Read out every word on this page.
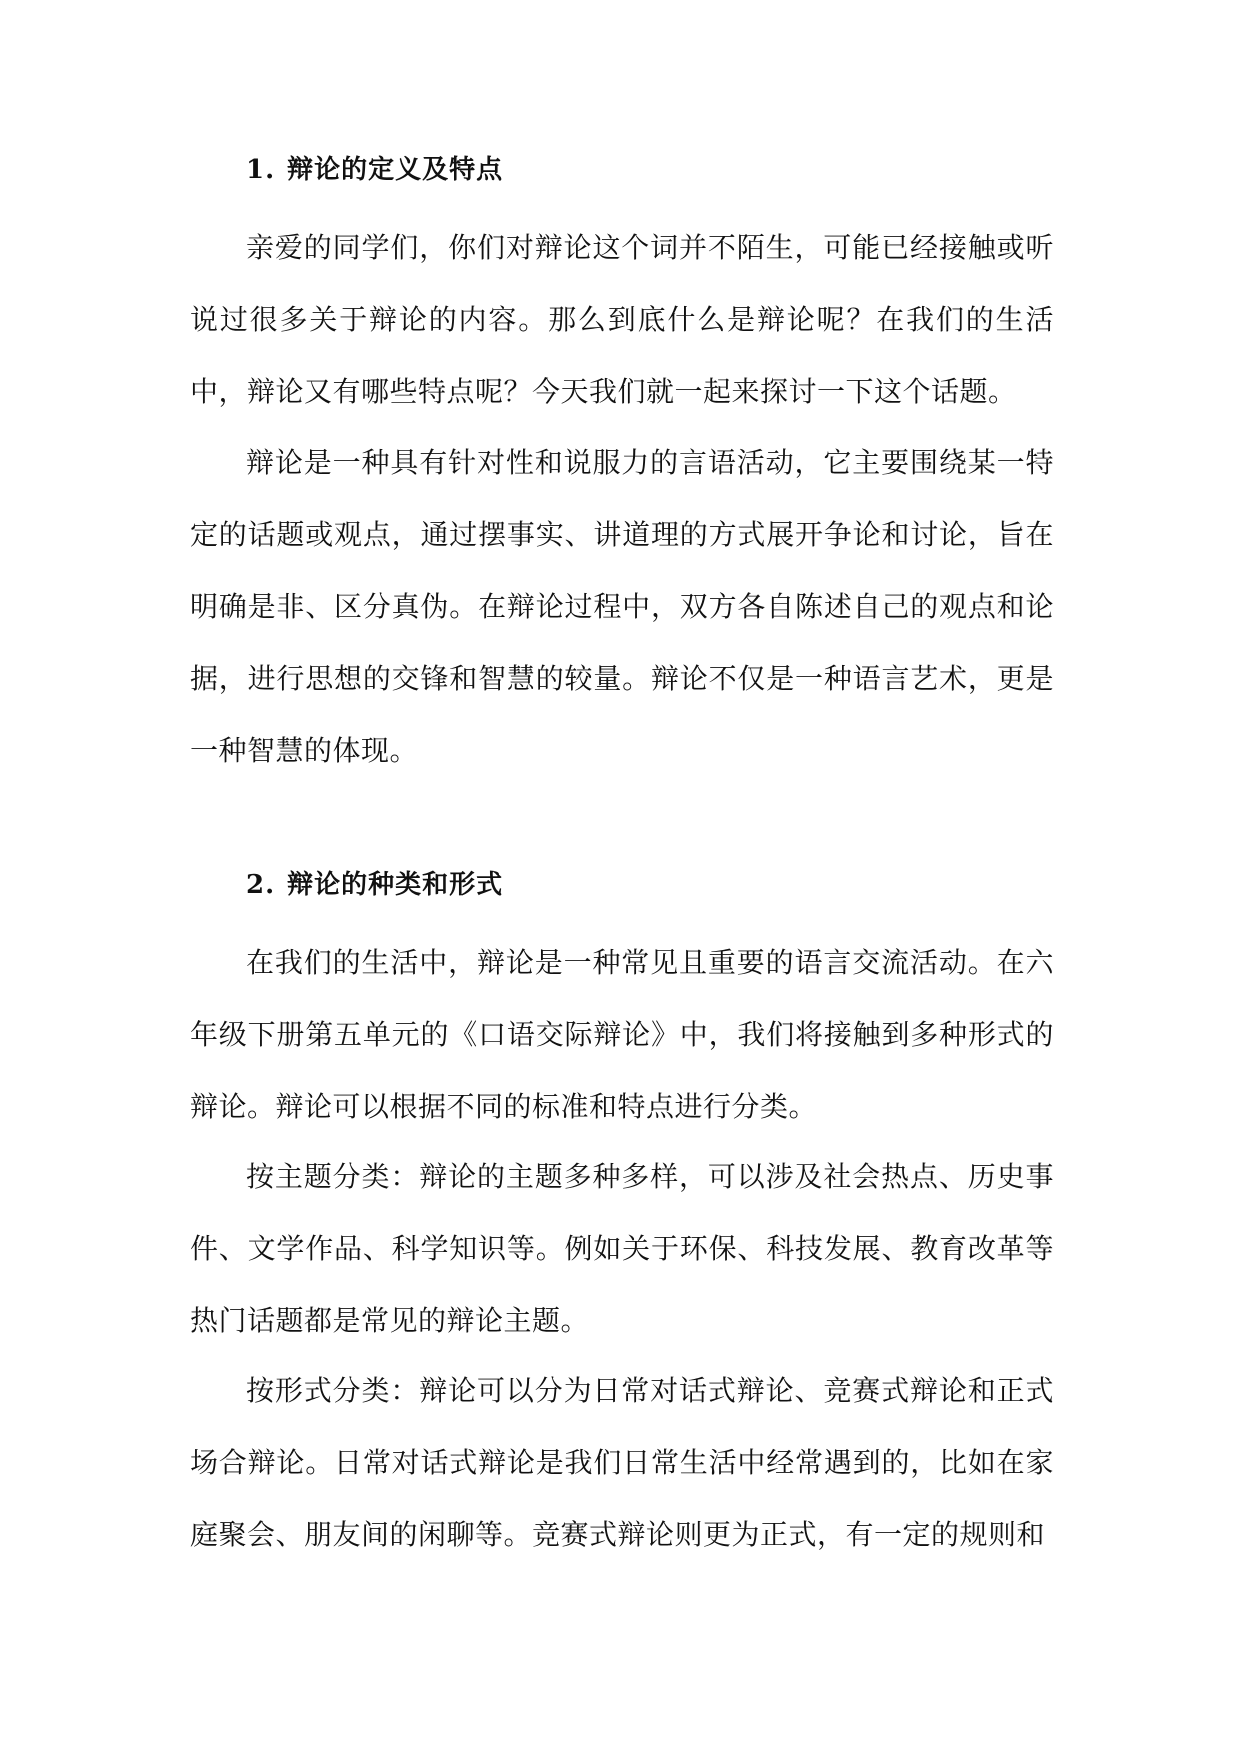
1. 辩论的定义及特点

亲爱的同学们，你们对辩论这个词并不陌生，可能已经接触或听说过很多关于辩论的内容。那么到底什么是辩论呢？在我们的生活中，辩论又有哪些特点呢？今天我们就一起来探讨一下这个话题。

辩论是一种具有针对性和说服力的言语活动，它主要围绕某一特定的话题或观点，通过摆事实、讲道理的方式展开争论和讨论，旨在明确是非、区分真伪。在辩论过程中，双方各自陈述自己的观点和论据，进行思想的交锋和智慧的较量。辩论不仅是一种语言艺术，更是一种智慧的体现。

2. 辩论的种类和形式

在我们的生活中，辩论是一种常见且重要的语言交流活动。在六年级下册第五单元的《口语交际辩论》中，我们将接触到多种形式的辩论。辩论可以根据不同的标准和特点进行分类。

按主题分类：辩论的主题多种多样，可以涉及社会热点、历史事件、文学作品、科学知识等。例如关于环保、科技发展、教育改革等热门话题都是常见的辩论主题。

按形式分类：辩论可以分为日常对话式辩论、竞赛式辩论和正式场合辩论。日常对话式辩论是我们日常生活中经常遇到的，比如在家庭聚会、朋友间的闲聊等。竞赛式辩论则更为正式，有一定的规则和
